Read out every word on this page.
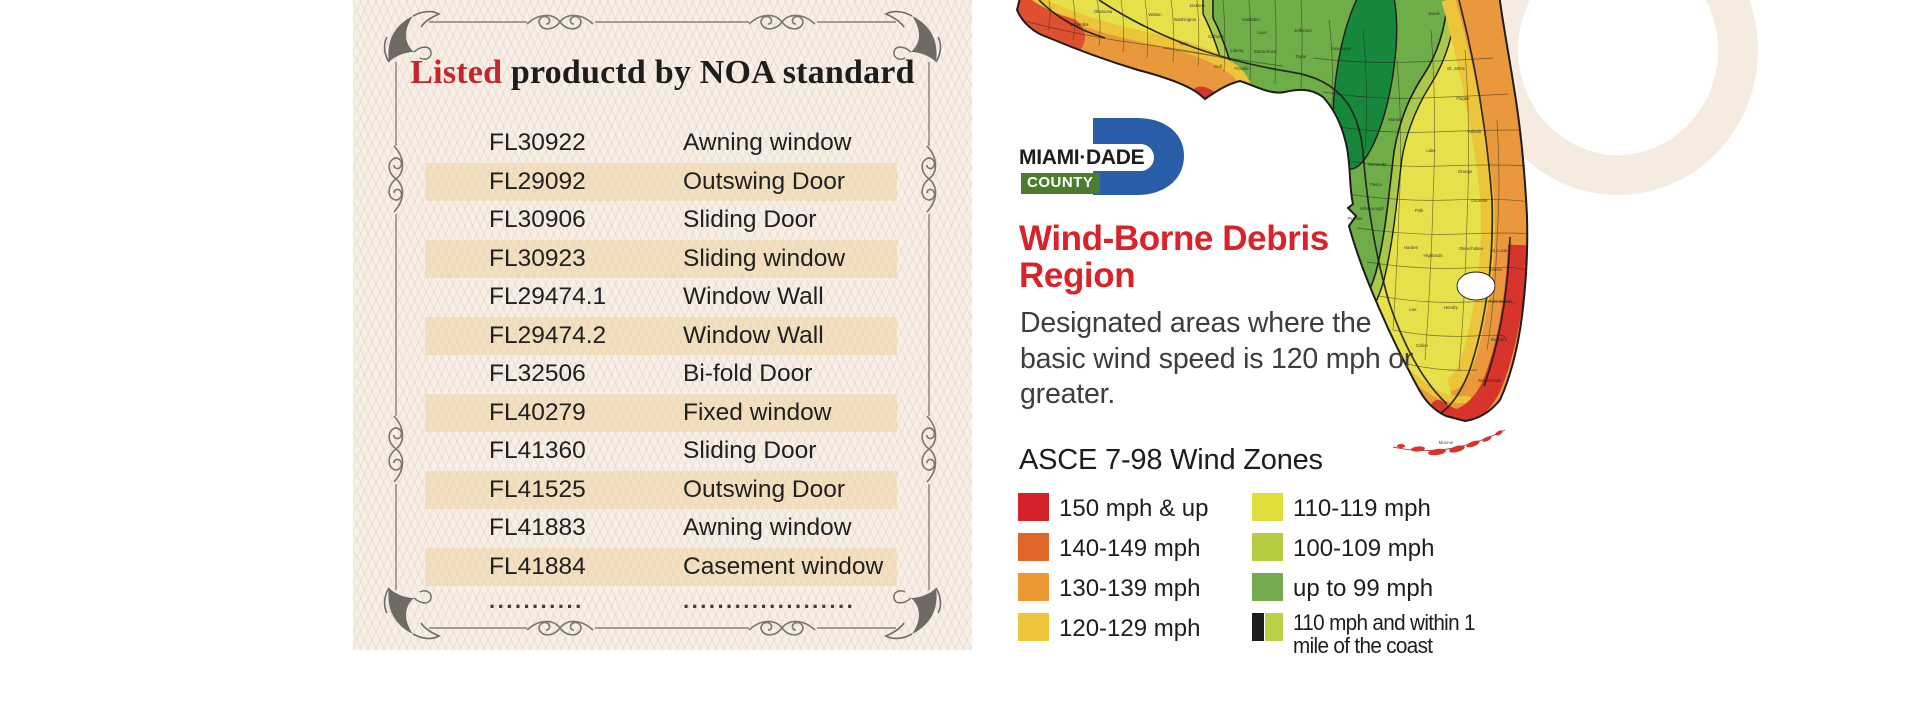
Escambia
Okaloosa
Walton
Washington
Jackson
Gadsden
Bay
Calhoun
Liberty Santa Rosa
Gulf	Franklin
Leon	Jefferson
Suwannee
Taylor
Duval
St. Johns
Flagler
Volusia
Marion
Lake
Hernando
Pasco
Orange
Osceola
Polk
Hillsborough
Pinellas
Hardee
Highlands
Okeechobee St. Lucie
Martin
Palm Beach
Broward
Lee	Hendry
Collier
Miami-Dade
Monroe
Listed productd by NOA standard
FL30922	Awning window
FL29092	Outswing Door
FL30906	Sliding Door
FL30923	Sliding window
FL29474.1	Window Wall
FL29474.2	Window Wall
FL32506	Bi-fold Door
FL40279	Fixed window
FL41360	Sliding Door
FL41525	Outswing Door
FL41883	Awning window
FL41884	Casement window
...........	....................
MIAMI·DADE
COUNTY
Wind-Borne Debris
Region
Designated areas where the
basic wind speed is 120 mph or
greater.
ASCE 7-98 Wind Zones
150 mph & up
140-149 mph
130-139 mph
120-129 mph
110-119 mph
100-109 mph
up to 99 mph
110 mph and within 1
mile of the coast
